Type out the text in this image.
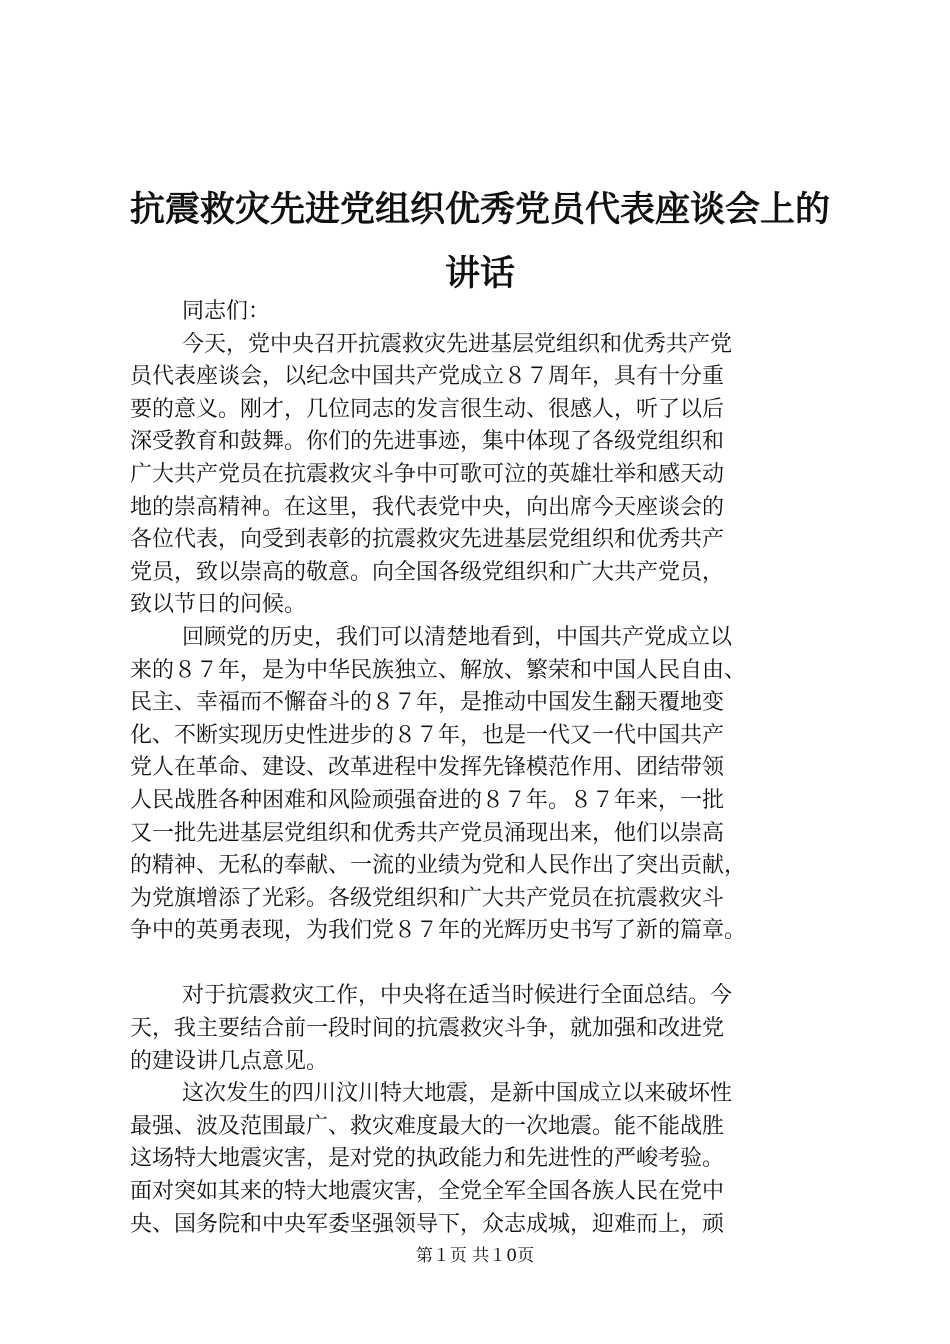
抗震救灾先进党组织优秀党员代表座谈会上的
讲话

同志们：

今天，党中央召开抗震救灾先进基层党组织和优秀共产党
员代表座谈会，以纪念中国共产党成立８７周年，具有十分重
要的意义。刚才，几位同志的发言很生动、很感人，听了以后
深受教育和鼓舞。你们的先进事迹，集中体现了各级党组织和
广大共产党员在抗震救灾斗争中可歌可泣的英雄壮举和感天动
地的崇高精神。在这里，我代表党中央，向出席今天座谈会的
各位代表，向受到表彰的抗震救灾先进基层党组织和优秀共产
党员，致以崇高的敬意。向全国各级党组织和广大共产党员，
致以节日的问候。

回顾党的历史，我们可以清楚地看到，中国共产党成立以
来的８７年，是为中华民族独立、解放、繁荣和中国人民自由、
民主、幸福而不懈奋斗的８７年，是推动中国发生翻天覆地变
化、不断实现历史性进步的８７年，也是一代又一代中国共产
党人在革命、建设、改革进程中发挥先锋模范作用、团结带领
人民战胜各种困难和风险顽强奋进的８７年。８７年来，一批
又一批先进基层党组织和优秀共产党员涌现出来，他们以崇高
的精神、无私的奉献、一流的业绩为党和人民作出了突出贡献，
为党旗增添了光彩。各级党组织和广大共产党员在抗震救灾斗
争中的英勇表现，为我们党８７年的光辉历史书写了新的篇章。

对于抗震救灾工作，中央将在适当时候进行全面总结。今
天，我主要结合前一段时间的抗震救灾斗争，就加强和改进党
的建设讲几点意见。

这次发生的四川汶川特大地震，是新中国成立以来破坏性
最强、波及范围最广、救灾难度最大的一次地震。能不能战胜
这场特大地震灾害，是对党的执政能力和先进性的严峻考验。
面对突如其来的特大地震灾害，全党全军全国各族人民在党中
央、国务院和中央军委坚强领导下，众志成城，迎难而上，顽

第１页 共１0页
